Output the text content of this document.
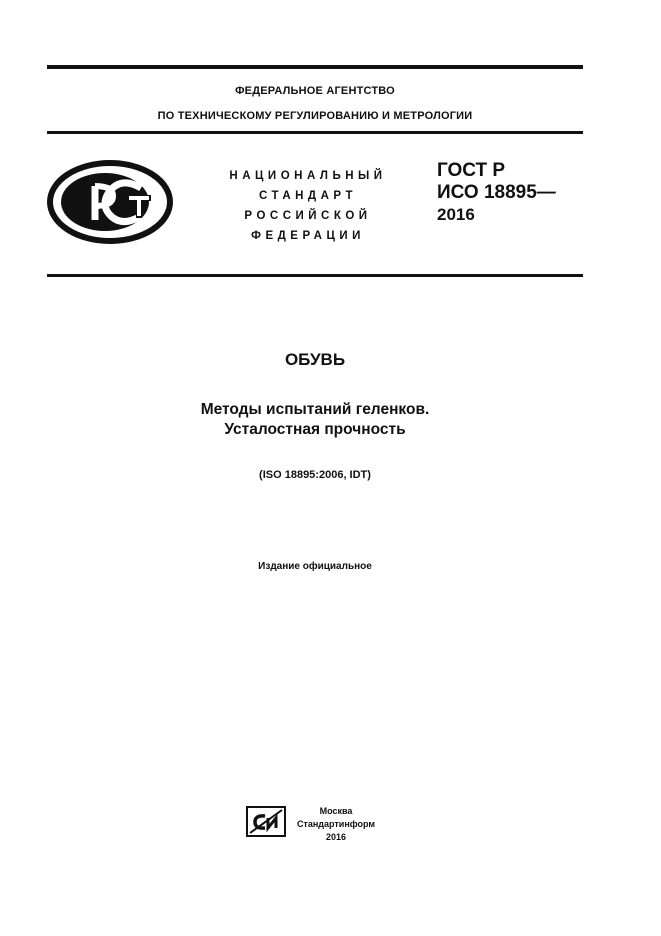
ФЕДЕРАЛЬНОЕ АГЕНТСТВО
ПО ТЕХНИЧЕСКОМУ РЕГУЛИРОВАНИЮ И МЕТРОЛОГИИ
НАЦИОНАЛЬНЫЙ
СТАНДАРТ
РОССИЙСКОЙ
ФЕДЕРАЦИИ
ГОСТ Р
ИСО 18895—
2016
ОБУВЬ
Методы испытаний геленков.
Усталостная прочность
(ISO 18895:2006, IDT)
Издание официальное
Москва
Стандартинформ
2016
